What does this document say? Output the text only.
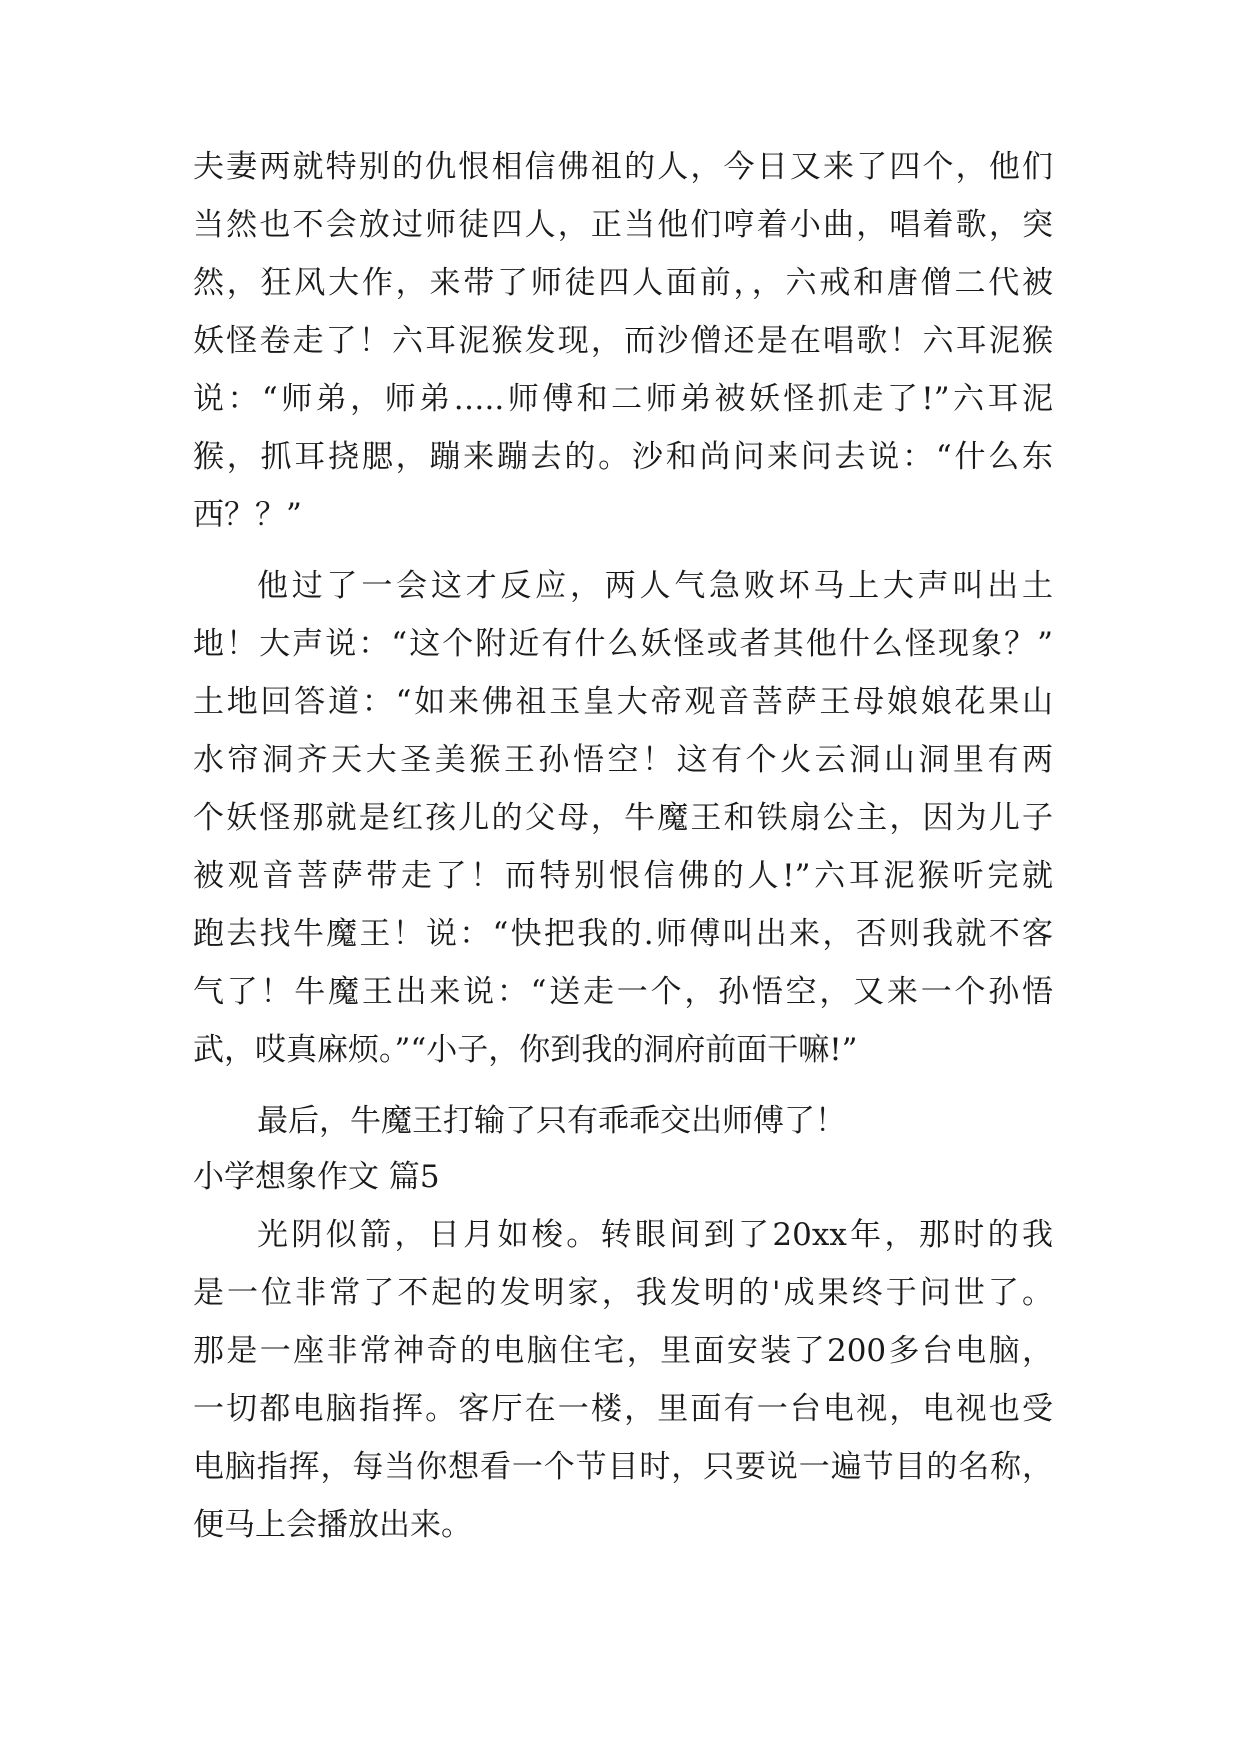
夫妻两就特别的仇恨相信佛祖的人，今日又来了四个，他们
当然也不会放过师徒四人，正当他们哼着小曲，唱着歌，突
然，狂风大作，来带了师徒四人面前，，六戒和唐僧二代被
妖怪卷走了！六耳泥猴发现，而沙僧还是在唱歌！六耳泥猴
说：“师弟，师弟…..师傅和二师弟被妖怪抓走了!”六耳泥
猴，抓耳挠腮，蹦来蹦去的。沙和尚问来问去说：“什么东
西？？”
他过了一会这才反应，两人气急败坏马上大声叫出土
地！大声说：“这个附近有什么妖怪或者其他什么怪现象？”
土地回答道：“如来佛祖玉皇大帝观音菩萨王母娘娘花果山
水帘洞齐天大圣美猴王孙悟空！这有个火云洞山洞里有两
个妖怪那就是红孩儿的父母，牛魔王和铁扇公主，因为儿子
被观音菩萨带走了！而特别恨信佛的人!”六耳泥猴听完就
跑去找牛魔王！说：“快把我的.师傅叫出来，否则我就不客
气了！牛魔王出来说：“送走一个，孙悟空，又来一个孙悟
武，哎真麻烦。”“小子，你到我的洞府前面干嘛!”
最后，牛魔王打输了只有乖乖交出师傅了！
小学想象作文 篇5
光阴似箭，日月如梭。转眼间到了20xx年，那时的我
是一位非常了不起的发明家，我发明的'成果终于问世了。
那是一座非常神奇的电脑住宅，里面安装了200多台电脑，
一切都电脑指挥。客厅在一楼，里面有一台电视，电视也受
电脑指挥，每当你想看一个节目时，只要说一遍节目的名称，
便马上会播放出来。
